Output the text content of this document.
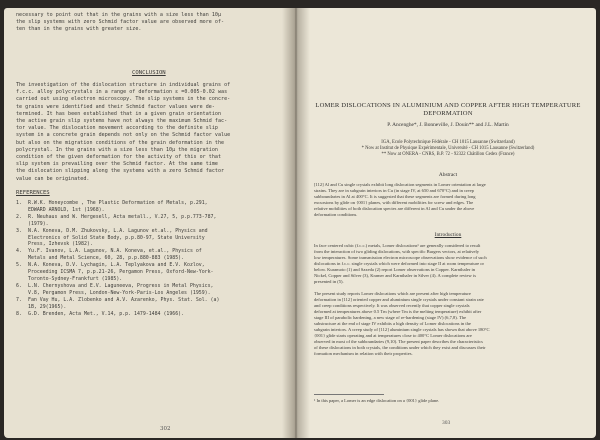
necessary to point out that in the grains with a size less than 10μ
the slip systems with zero Schmid factor value are observed more of-
ten than in the grains with greater size.
CONCLUSION
The investigation of the dislocation structure in individual grains of
f.c.c. alloy polycrystals in a range of deformation ε =0.005-0.02 was
carried out using electron microscopy. The slip systems in the concre-
te grains were identified and their Schmid factor values were de-
termined. It has been established that in a given grain orientation
the active grain slip systems have not always the maximum Schmid fac-
tor value. The dislocation movement according to the definite slip
system in a concrete grain depends not only on the Schmid factor value
but also on the migration conditions of the grain deformation in the
polycrystal. In the grains with a size less than 10μ the migration
condition of the given deformation for the activity of this or that
slip system is prevailing over the Schmid factor. At the same time
the dislocation slipping along the systems with a zero Schmid factor
value can be originated.
REFERENCES
1.	R.W.K. Honeycombe , The Plastic Deformation of Metals, p.291,
EDWARD ARNOLD, 1st (1968).
2.	R. Neuhaus and W. Hergesell, Acta metall., V.27, 5, p.p.773-787,
(1979).
3.	N.A. Koneva, D.M. Zhukovsky, L.A. Lagunov et.al., Physics and
Electronics of Solid State Body, p.p.80-97, State University
Press, Izhevsk (1982).
4.	Yu.F. Ivanov, L.A. Lagunov, N.A. Koneva, et.al., Physics of
Metals and Metal Science, 60, 28, p.p.880-883 (1985).
5.	N.A. Koneva, D.V. Lychagin, L.A. Teplyakova and E.V. Kozlov,
Proceeding ICSMA 7, p.p.21-26, Pergamon Press, Oxford-New-York-
Toronto-Sydney-Frankfurt (1985).
6.	L.N. Chernyshova and E.V. Laguneeva, Progress in Metal Physics,
V.8, Pergamon Press, London-New-York-Paris-Los Angeles (1959).
7.	Fan Vay Hu, L.A. Zlobenko and A.V. Azarenko, Phys. Stat. Sol. (a)
1B, 29(1965).
8.	G.D. Brenden, Acta Met., V.14, p.p. 1479-1484 (1966).
302
LOMER DISLOCATIONS IN ALUMINIUM AND COPPER AFTER HIGH TEMPERATURE
DEFORMATION
P. Ancenghe*, J. Bonneville, J. Douin** and J.L. Martin
IGA, Ecole Polytechnique Fédérale - CH 1015 Lausanne (Switzerland)
* Now at Institut de Physique Expérimentale, Université - CH 1015 Lausanne (Switzerland)
** Now at ONERA - CNRS, B.P. 72 - 92322 Châtillon Cedex (France)
Abstract
[112] Al and Cu single crystals exhibit long dislocation segments in Lomer orientation at large
strains. They are in subgrain interiors in Cu (in stage IV, at 650 and 670°C) and in creep
subboundaries in Al at 400°C. It is suggested that these segments are formed during long
excursions by glide on {001} planes, with different mobilities for screw and edges. The
relative mobilities of both dislocation species are different in Al and Cu under the above
deformation conditions.
Introduction
In face centered cubic (f.c.c.) metals, Lomer dislocations¹ are generally considered to result
from the interaction of two gliding dislocations, with specific Burgers vectors, at relatively
low temperatures. Some transmission electron microscope observations show evidence of such
dislocations in f.c.c. single crystals which were deformed into stage II at room temperature or
below. Kuramoto (1) and Saxeda (2) report Lomer observations in Copper. Karnthaler in
Nickel, Copper and Silver (3), Kramer and Karnthaler in Silver (4). A complete review is
presented in (5).
The present study reports Lomer dislocations which are present after high temperature
deformation in [112] oriented copper and aluminium single crystals under constant strain rate
and creep conditions respectively. It was observed recently that copper single crystals
deformed at temperatures above 0.5 Tm (where Tm is the melting temperature) exhibit after
stage III of parabolic hardening, a new stage of re-hardening (stage IV) (6,7,8). The
substructure at the end of stage IV exhibits a high density of Lomer dislocations in the
subgrain interiors. A creep study of [112] aluminium single crystals has shown that above 180°C
{001} glide starts operating and at temperatures close to 400°C Lomer dislocations are
observed in most of the subboundaries (9,10). The present paper describes the characteristics
of these dislocations in both crystals, the conditions under which they exist and discusses their
formation mechanism in relation with their properties.
¹ In this paper, a Lomer is an edge dislocation on a {001} glide plane.
303
